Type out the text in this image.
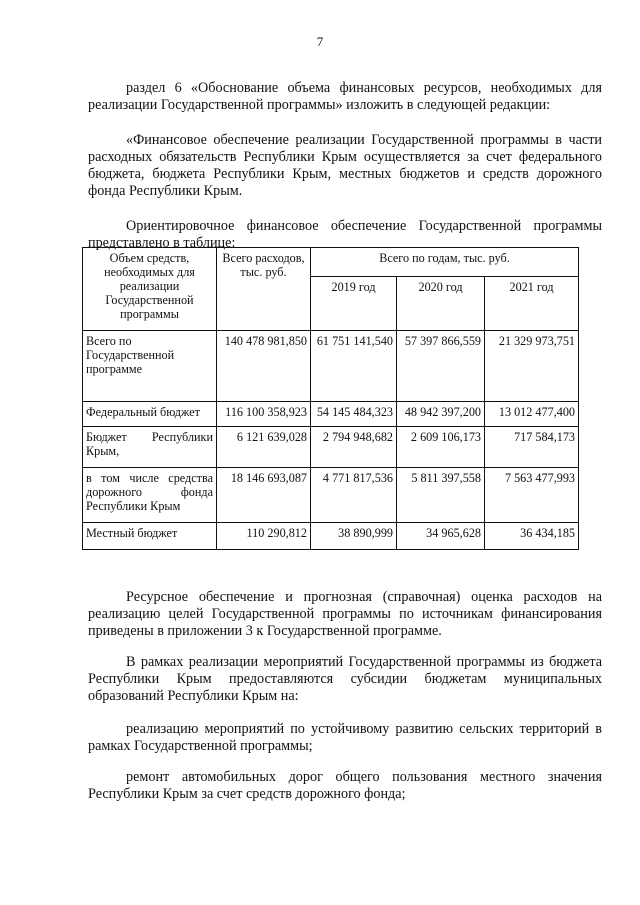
7

раздел 6 «Обоснование объема финансовых ресурсов, необходимых для реализации Государственной программы» изложить в следующей редакции:

«Финансовое обеспечение реализации Государственной программы в части расходных обязательств Республики Крым осуществляется за счет федерального бюджета, бюджета Республики Крым, местных бюджетов и средств дорожного фонда Республики Крым.

Ориентировочное финансовое обеспечение Государственной программы представлено в таблице:

Объем средств, необходимых для реализации Государственной программы	Всего расходов, тыс. руб.	Всего по годам, тыс. руб.		
		2019 год	2020 год	2021 год
Всего по Государственной программе	140 478 981,850	61 751 141,540	57 397 866,559	21 329 973,751
Федеральный бюджет	116 100 358,923	54 145 484,323	48 942 397,200	13 012 477,400
Бюджет Республики Крым,	6 121 639,028	2 794 948,682	2 609 106,173	717 584,173
в том числе средства дорожного фонда Республики Крым	18 146 693,087	4 771 817,536	5 811 397,558	7 563 477,993
Местный бюджет	110 290,812	38 890,999	34 965,628	36 434,185

Ресурсное обеспечение и прогнозная (справочная) оценка расходов на реализацию целей Государственной программы по источникам финансирования приведены в приложении 3 к Государственной программе.

В рамках реализации мероприятий Государственной программы из бюджета Республики Крым предоставляются субсидии бюджетам муниципальных образований Республики Крым на:

реализацию мероприятий по устойчивому развитию сельских территорий в рамках Государственной программы;

ремонт автомобильных дорог общего пользования местного значения Республики Крым за счет средств дорожного фонда;
